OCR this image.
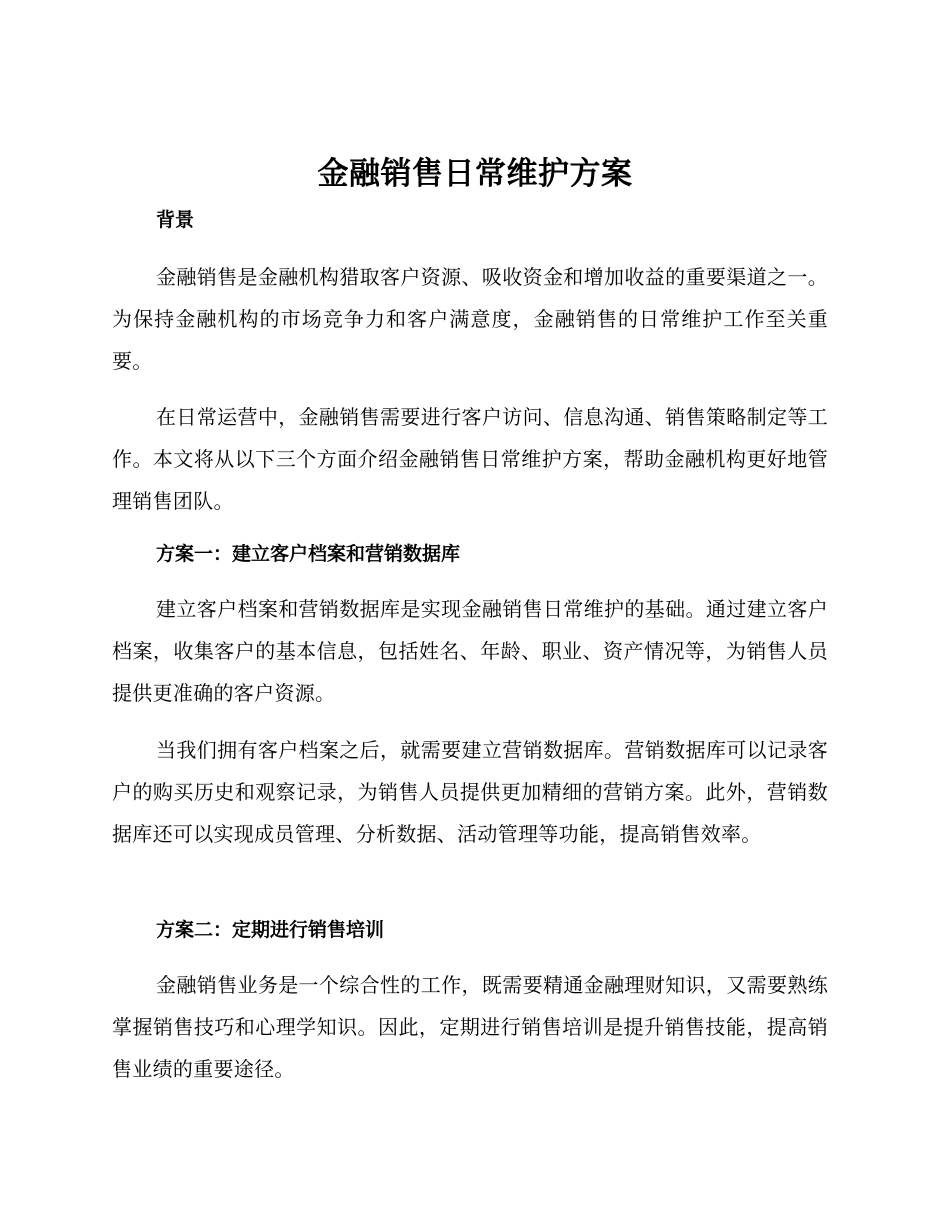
金融销售日常维护方案
背景

金融销售是金融机构猎取客户资源、吸收资金和增加收益的重要渠道之一。为保持金融机构的市场竞争力和客户满意度，金融销售的日常维护工作至关重要。

在日常运营中，金融销售需要进行客户访问、信息沟通、销售策略制定等工作。本文将从以下三个方面介绍金融销售日常维护方案，帮助金融机构更好地管理销售团队。

方案一：建立客户档案和营销数据库

建立客户档案和营销数据库是实现金融销售日常维护的基础。通过建立客户档案，收集客户的基本信息，包括姓名、年龄、职业、资产情况等，为销售人员提供更准确的客户资源。

当我们拥有客户档案之后，就需要建立营销数据库。营销数据库可以记录客户的购买历史和观察记录，为销售人员提供更加精细的营销方案。此外，营销数据库还可以实现成员管理、分析数据、活动管理等功能，提高销售效率。

方案二：定期进行销售培训

金融销售业务是一个综合性的工作，既需要精通金融理财知识，又需要熟练掌握销售技巧和心理学知识。因此，定期进行销售培训是提升销售技能，提高销售业绩的重要途径。
